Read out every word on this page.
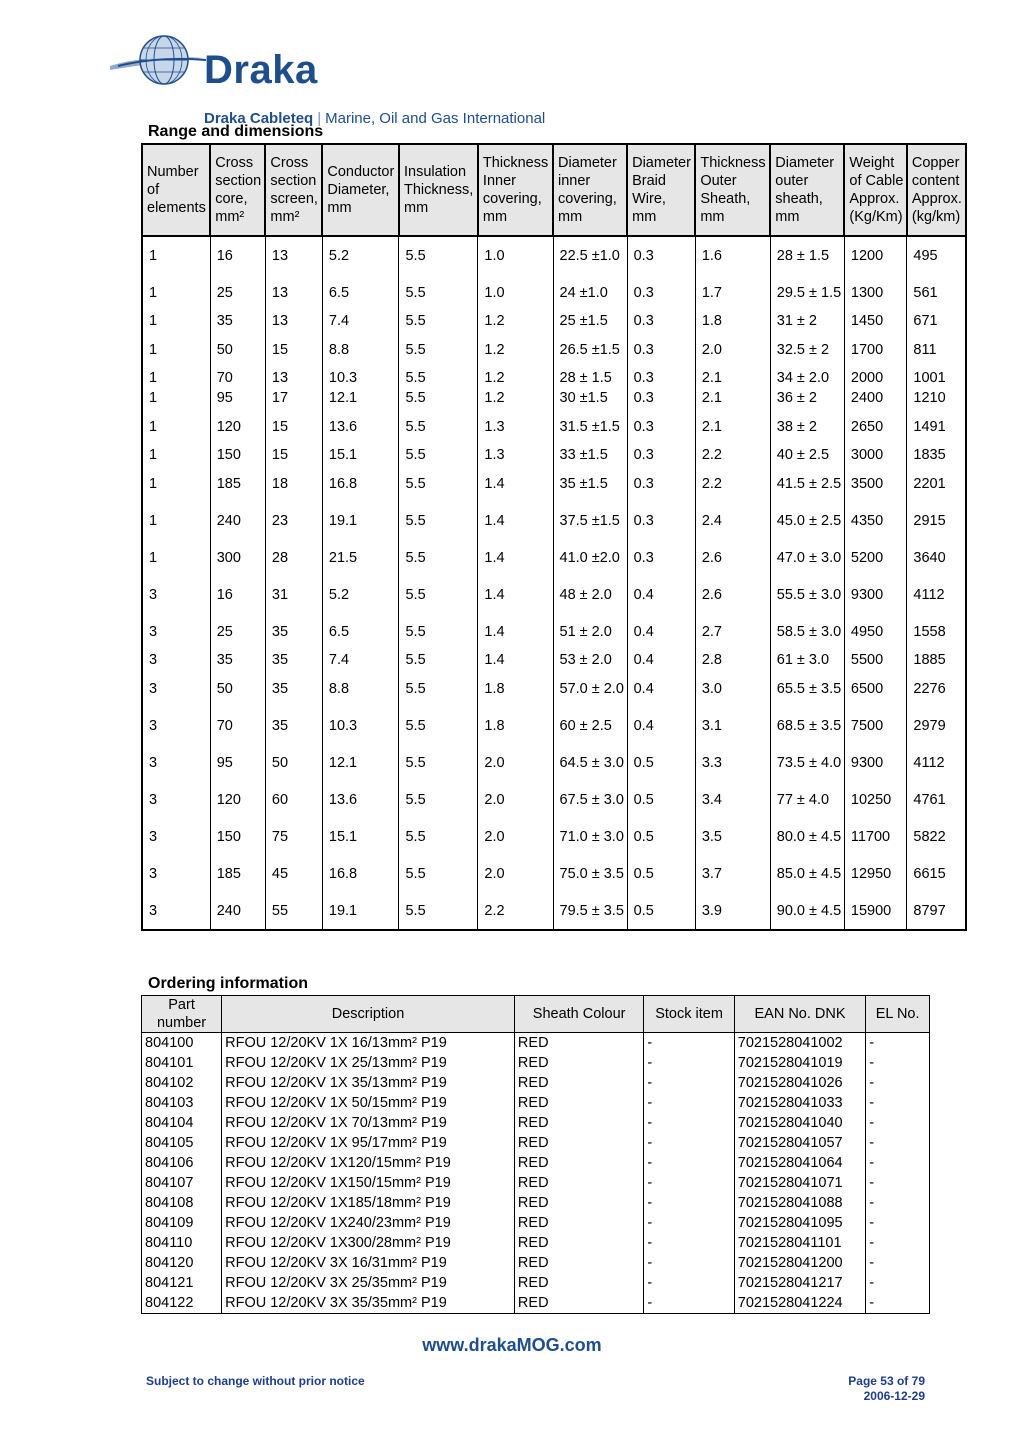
Draka
Draka Cableteq | Marine, Oil and Gas International
Range and dimensions
Number of elements	Cross section core, mm²	Cross section screen, mm²	Conductor Diameter, mm	Insulation Thickness, mm	Thickness Inner covering, mm	Diameter inner covering, mm	Diameter Braid Wire, mm	Thickness Outer Sheath, mm	Diameter outer sheath, mm	Weight of Cable Approx. (Kg/Km)	Copper content Approx. (kg/km)
1	16	13	5.2	5.5	1.0	22.5 ±1.0	0.3	1.6	28 ± 1.5	1200	495
1	25	13	6.5	5.5	1.0	24 ±1.0	0.3	1.7	29.5 ± 1.5	1300	561
1	35	13	7.4	5.5	1.2	25 ±1.5	0.3	1.8	31 ± 2	1450	671
1	50	15	8.8	5.5	1.2	26.5 ±1.5	0.3	2.0	32.5 ± 2	1700	811
1	70	13	10.3	5.5	1.2	28 ± 1.5	0.3	2.1	34 ± 2.0	2000	1001
1	95	17	12.1	5.5	1.2	30 ±1.5	0.3	2.1	36 ± 2	2400	1210
1	120	15	13.6	5.5	1.3	31.5 ±1.5	0.3	2.1	38 ± 2	2650	1491
1	150	15	15.1	5.5	1.3	33 ±1.5	0.3	2.2	40 ± 2.5	3000	1835
1	185	18	16.8	5.5	1.4	35 ±1.5	0.3	2.2	41.5 ± 2.5	3500	2201
1	240	23	19.1	5.5	1.4	37.5 ±1.5	0.3	2.4	45.0 ± 2.5	4350	2915
1	300	28	21.5	5.5	1.4	41.0 ±2.0	0.3	2.6	47.0 ± 3.0	5200	3640
3	16	31	5.2	5.5	1.4	48 ± 2.0	0.4	2.6	55.5 ± 3.0	9300	4112
3	25	35	6.5	5.5	1.4	51 ± 2.0	0.4	2.7	58.5 ± 3.0	4950	1558
3	35	35	7.4	5.5	1.4	53 ± 2.0	0.4	2.8	61 ± 3.0	5500	1885
3	50	35	8.8	5.5	1.8	57.0 ± 2.0	0.4	3.0	65.5 ± 3.5	6500	2276
3	70	35	10.3	5.5	1.8	60 ± 2.5	0.4	3.1	68.5 ± 3.5	7500	2979
3	95	50	12.1	5.5	2.0	64.5 ± 3.0	0.5	3.3	73.5 ± 4.0	9300	4112
3	120	60	13.6	5.5	2.0	67.5 ± 3.0	0.5	3.4	77 ± 4.0	10250	4761
3	150	75	15.1	5.5	2.0	71.0 ± 3.0	0.5	3.5	80.0 ± 4.5	11700	5822
3	185	45	16.8	5.5	2.0	75.0 ± 3.5	0.5	3.7	85.0 ± 4.5	12950	6615
3	240	55	19.1	5.5	2.2	79.5 ± 3.5	0.5	3.9	90.0 ± 4.5	15900	8797
Ordering information
Part number	Description	Sheath Colour	Stock item	EAN No. DNK	EL No.
804100	RFOU 12/20KV 1X 16/13mm² P19	RED	-	7021528041002	-
804101	RFOU 12/20KV 1X 25/13mm² P19	RED	-	7021528041019	-
804102	RFOU 12/20KV 1X 35/13mm² P19	RED	-	7021528041026	-
804103	RFOU 12/20KV 1X 50/15mm² P19	RED	-	7021528041033	-
804104	RFOU 12/20KV 1X 70/13mm² P19	RED	-	7021528041040	-
804105	RFOU 12/20KV 1X 95/17mm² P19	RED	-	7021528041057	-
804106	RFOU 12/20KV 1X120/15mm² P19	RED	-	7021528041064	-
804107	RFOU 12/20KV 1X150/15mm² P19	RED	-	7021528041071	-
804108	RFOU 12/20KV 1X185/18mm² P19	RED	-	7021528041088	-
804109	RFOU 12/20KV 1X240/23mm² P19	RED	-	7021528041095	-
804110	RFOU 12/20KV 1X300/28mm² P19	RED	-	7021528041101	-
804120	RFOU 12/20KV 3X 16/31mm² P19	RED	-	7021528041200	-
804121	RFOU 12/20KV 3X 25/35mm² P19	RED	-	7021528041217	-
804122	RFOU 12/20KV 3X 35/35mm² P19	RED	-	7021528041224	-
www.drakaMOG.com
Subject to change without prior notice	Page 53 of 79
2006-12-29
